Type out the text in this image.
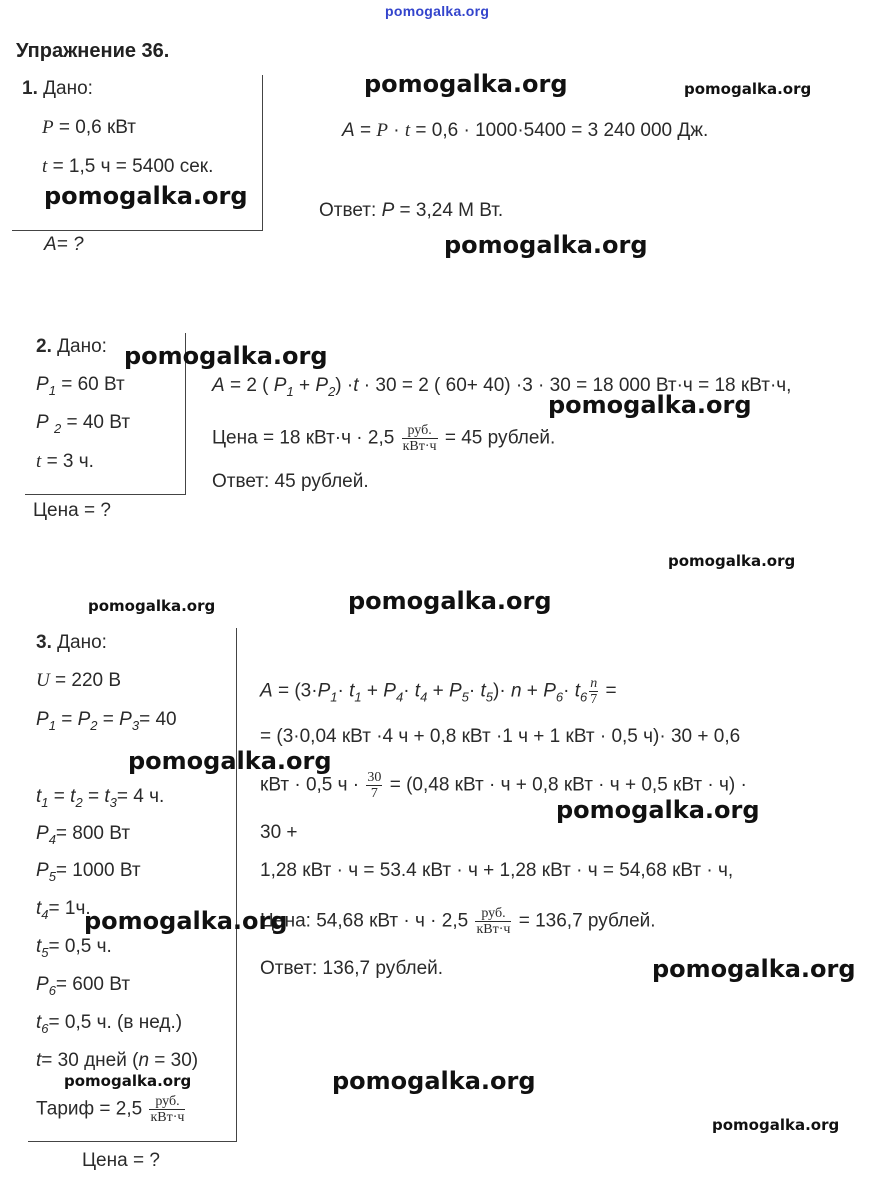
pomogalka.org
Упражнение 36.
1. Дано:
P = 0,6 кВт
t = 1,5 ч = 5400 сек.
A= ?
A = P · t = 0,6 · 1000·5400 = 3 240 000 Дж.
Ответ: P = 3,24 М Вт.
2. Дано:
$P_1 = 60$ Вт
P $_2$ = 40 Вт
t = 3 ч.
Цена = ?
A = 2 ( $P_1 + P_2) \cdot t \cdot 30 = 2$ ( 60+ 40) ·3 · 30 = 18 000 Вт·ч = 18 кВт·ч,
Цена = 18 $кВт\cdot ч \cdot 2,5 \frac{\text{руб.}}{\text{кВт·ч}} = 45$ рублей.
Ответ: 45 рублей.
3. Дано:
U = 220 В
$P_1 = P_2 = P_3= 40$
$t_1 = t_2 = t_3= 4$ ч.
$P_4= 800$ Вт
$P_5= 1000$ Вт
$t_4= 1ч$.
$t_5= 0,5$ ч.
$P_6= 600$ Вт
$t_6= 0,5$ ч. (в нед.)
t= 30 дней (n = 30)
Тариф = $2,5 \frac{\text{руб.}}{\text{кВт·ч}}$
Цена = ?
$A = (3\cdot P_1\cdot t_1 + P_4\cdot t_4 + P_5\cdot t_5)\cdot n + P_6\cdot t_6 \frac{n}{7}$ =
= (3·0,04 кВт ·4 ч + 0,8 кВт ·1 ч + 1 кВт · 0,5 ч)· 30 + 0,6
кВт · 0,5 $ч \cdot \frac{30}{7} = (0,48$ кВт · ч + 0,8 кВт · ч + 0,5 кВт · ч) ·
30 +
1,28 кВт · ч = 53.4 кВт · ч + 1,28 кВт · ч = 54,68 кВт · ч,
Цена: 54,68 кВт · $ч \cdot 2,5 \frac{\text{руб.}}{\text{кВт·ч}} = 136,7$ рублей.
Ответ: 136,7 рублей.
pomogalka.org	pomogalka.org
pomogalka.org
pomogalka.org
pomogalka.org
pomogalka.org
pomogalka.org
pomogalka.org	pomogalka.org
pomogalka.org
pomogalka.org
pomogalka.org
pomogalka.org
pomogalka.org	pomogalka.org
pomogalka.org
